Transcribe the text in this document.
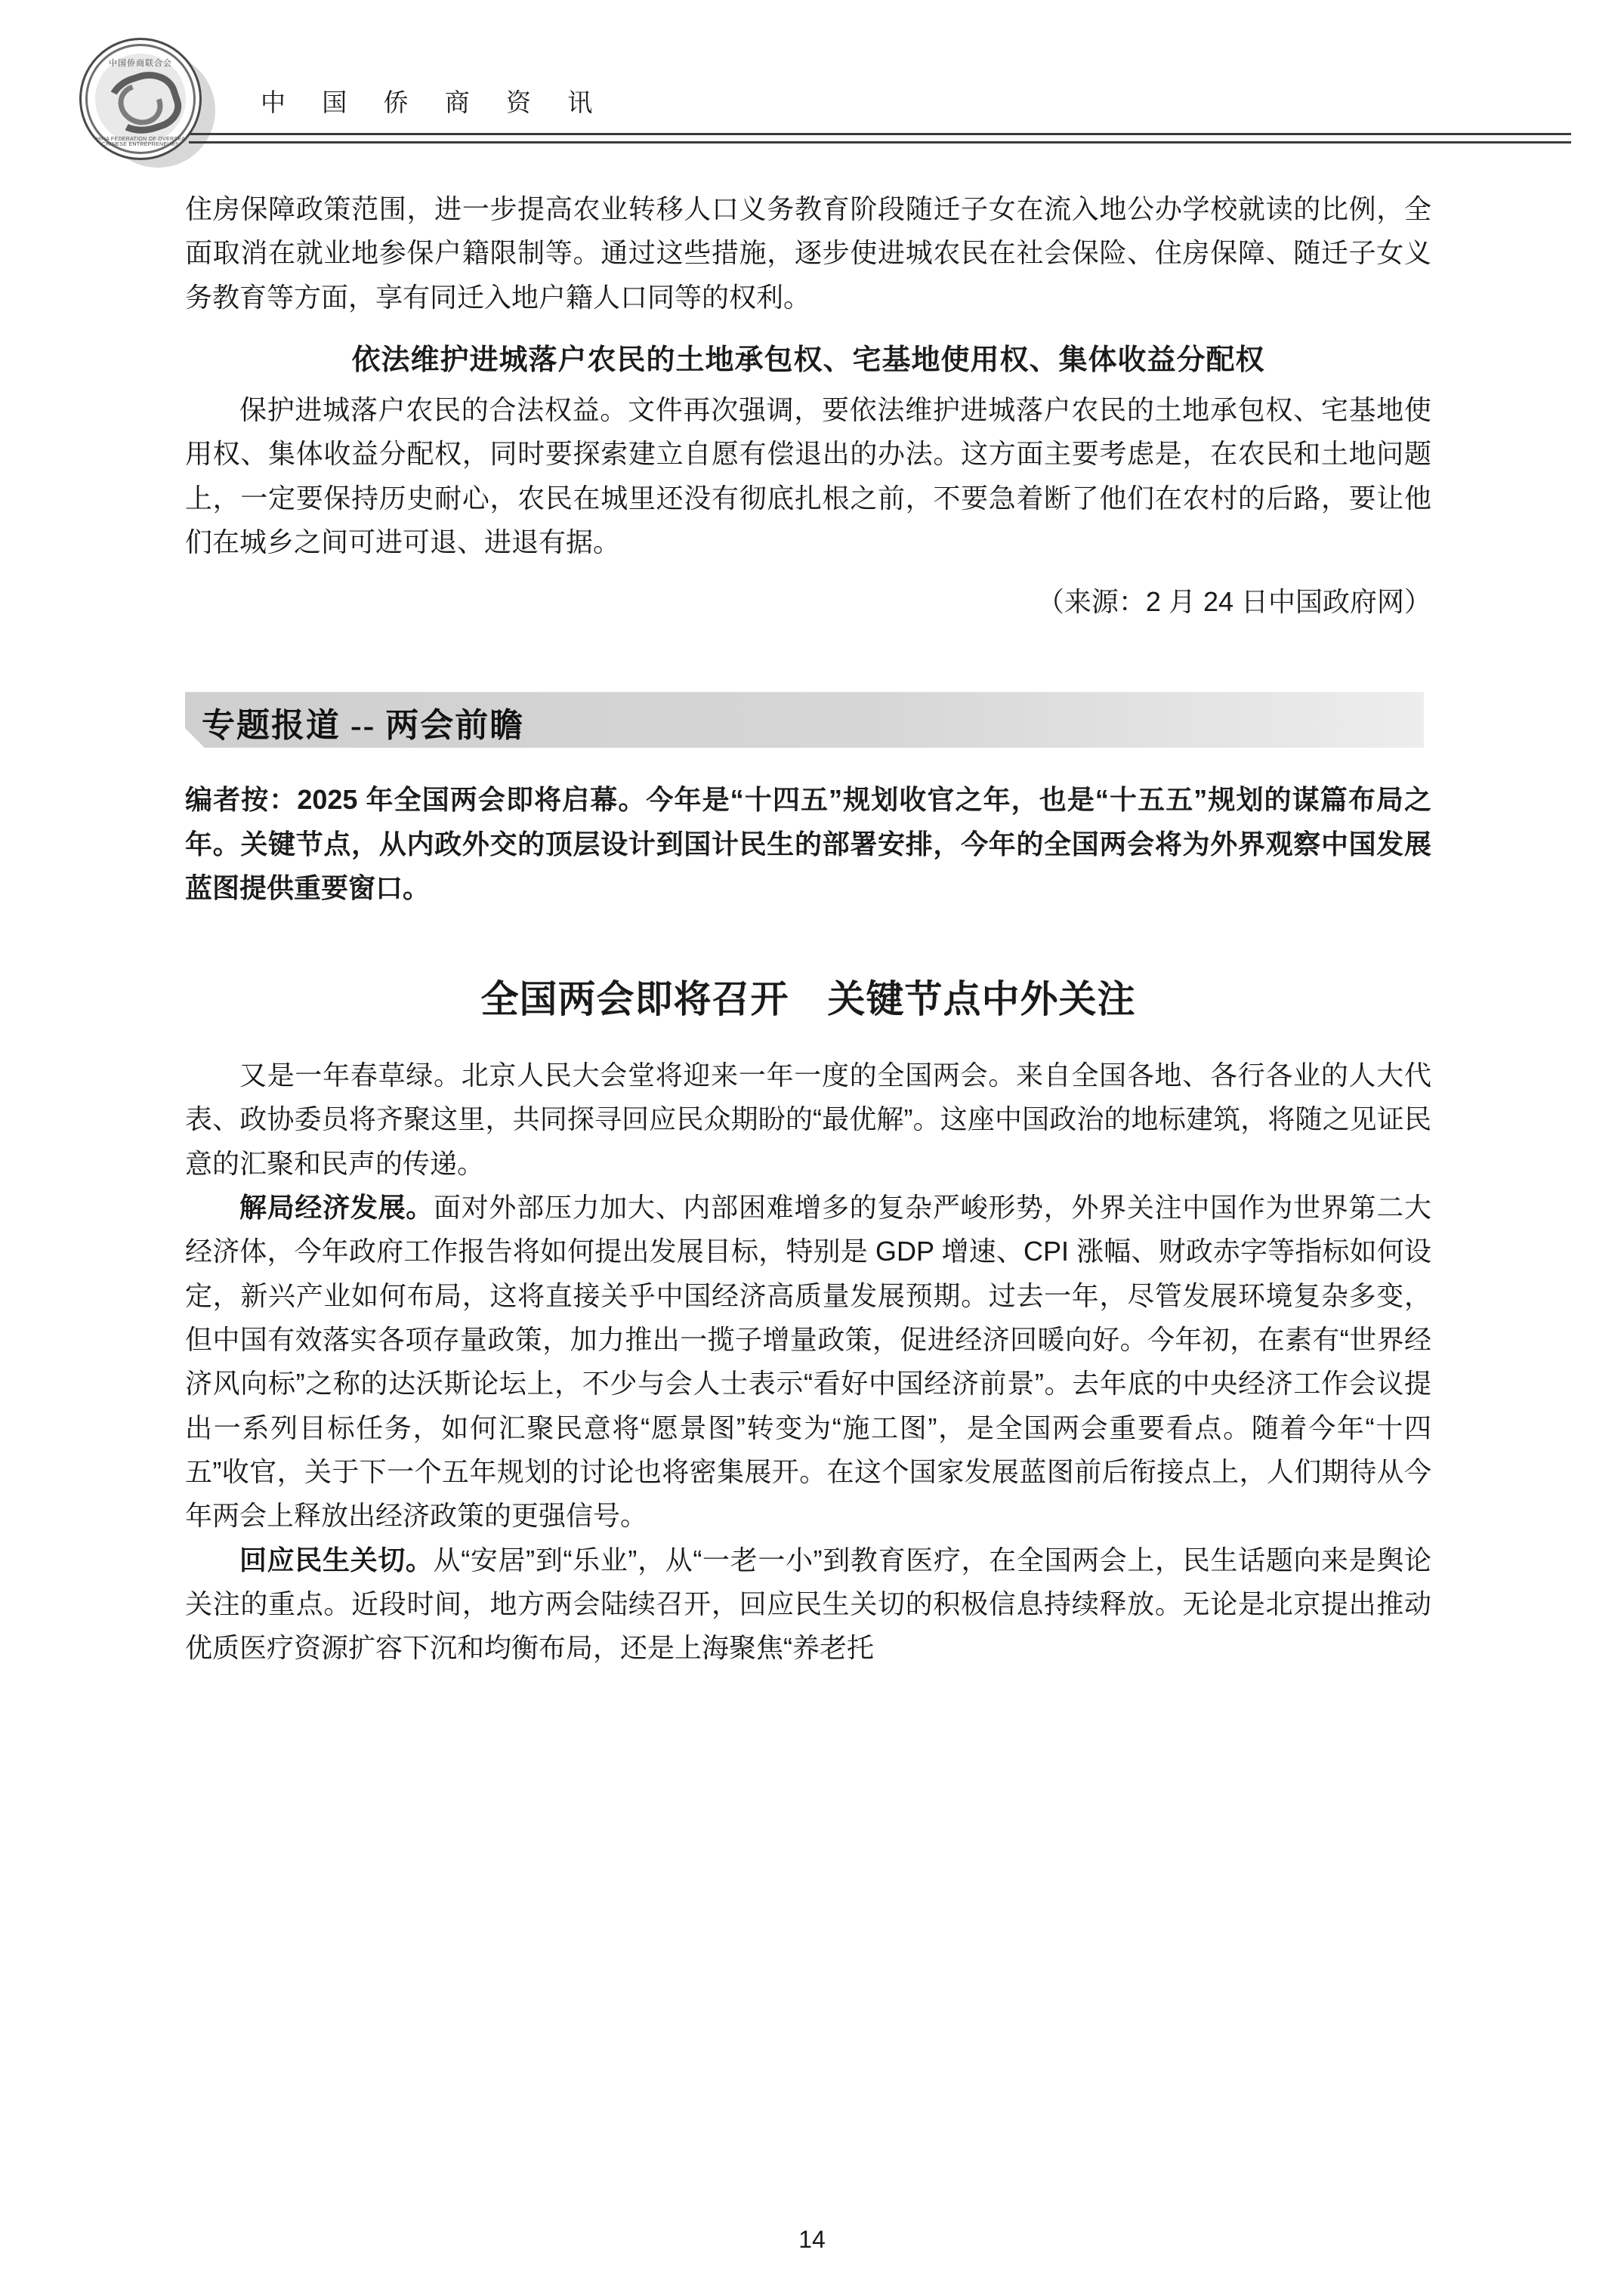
中国侨商联合会
CHINA FEDERATION OF OVERSEAS CHINESE ENTREPRENEURS
中 国 侨 商 资 讯

住房保障政策范围，进一步提高农业转移人口义务教育阶段随迁子女在流入地公办学校就读的比例，全面取消在就业地参保户籍限制等。通过这些措施，逐步使进城农民在社会保险、住房保障、随迁子女义务教育等方面，享有同迁入地户籍人口同等的权利。

依法维护进城落户农民的土地承包权、宅基地使用权、集体收益分配权

保护进城落户农民的合法权益。文件再次强调，要依法维护进城落户农民的土地承包权、宅基地使用权、集体收益分配权，同时要探索建立自愿有偿退出的办法。这方面主要考虑是，在农民和土地问题上，一定要保持历史耐心，农民在城里还没有彻底扎根之前，不要急着断了他们在农村的后路，要让他们在城乡之间可进可退、进退有据。

（来源：2 月 24 日中国政府网）
专题报道 -- 两会前瞻

编者按：2025 年全国两会即将启幕。今年是“十四五”规划收官之年，也是“十五五”规划的谋篇布局之年。关键节点，从内政外交的顶层设计到国计民生的部署安排，今年的全国两会将为外界观察中国发展蓝图提供重要窗口。

全国两会即将召开　关键节点中外关注

又是一年春草绿。北京人民大会堂将迎来一年一度的全国两会。来自全国各地、各行各业的人大代表、政协委员将齐聚这里，共同探寻回应民众期盼的“最优解”。这座中国政治的地标建筑，将随之见证民意的汇聚和民声的传递。

解局经济发展。面对外部压力加大、内部困难增多的复杂严峻形势，外界关注中国作为世界第二大经济体，今年政府工作报告将如何提出发展目标，特别是 GDP 增速、CPI 涨幅、财政赤字等指标如何设定，新兴产业如何布局，这将直接关乎中国经济高质量发展预期。过去一年，尽管发展环境复杂多变，但中国有效落实各项存量政策，加力推出一揽子增量政策，促进经济回暖向好。今年初，在素有“世界经济风向标”之称的达沃斯论坛上，不少与会人士表示“看好中国经济前景”。去年底的中央经济工作会议提出一系列目标任务，如何汇聚民意将“愿景图”转变为“施工图”，是全国两会重要看点。随着今年“十四五”收官，关于下一个五年规划的讨论也将密集展开。在这个国家发展蓝图前后衔接点上，人们期待从今年两会上释放出经济政策的更强信号。

回应民生关切。从“安居”到“乐业”，从“一老一小”到教育医疗，在全国两会上，民生话题向来是舆论关注的重点。近段时间，地方两会陆续召开，回应民生关切的积极信息持续释放。无论是北京提出推动优质医疗资源扩容下沉和均衡布局，还是上海聚焦“养老托

14
